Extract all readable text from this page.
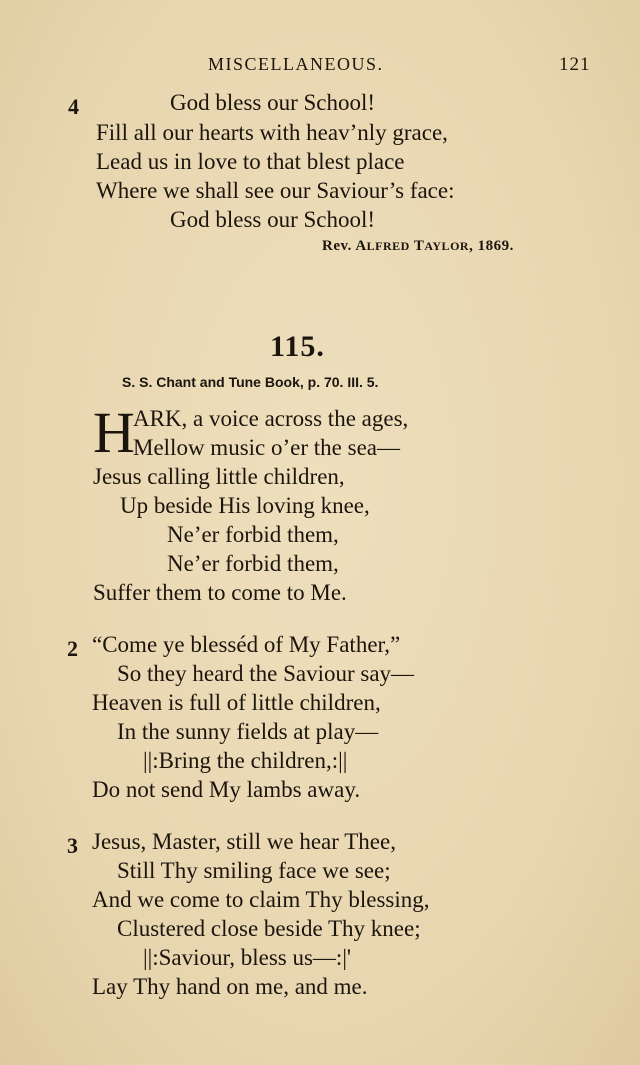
MISCELLANEOUS.	121
4	God bless our School!
Fill all our hearts with heav’nly grace,
Lead us in love to that blest place
Where we shall see our Saviour’s face:
God bless our School!
Rev. ALFRED TAYLOR, 1869.
115.
S. S. Chant and Tune Book, p. 70. III. 5.
H
ARK, a voice across the ages,
Mellow music o’er the sea—
Jesus calling little children,
Up beside His loving knee,
Ne’er forbid them,
Ne’er forbid them,
Suffer them to come to Me.
2 “Come ye blesséd of My Father,”
So they heard the Saviour say—
Heaven is full of little children,
In the sunny fields at play—
||:Bring the children,:||
Do not send My lambs away.
3 Jesus, Master, still we hear Thee,
Still Thy smiling face we see;
And we come to claim Thy blessing,
Clustered close beside Thy knee;
||:Saviour, bless us—:|'
Lay Thy hand on me, and me.
